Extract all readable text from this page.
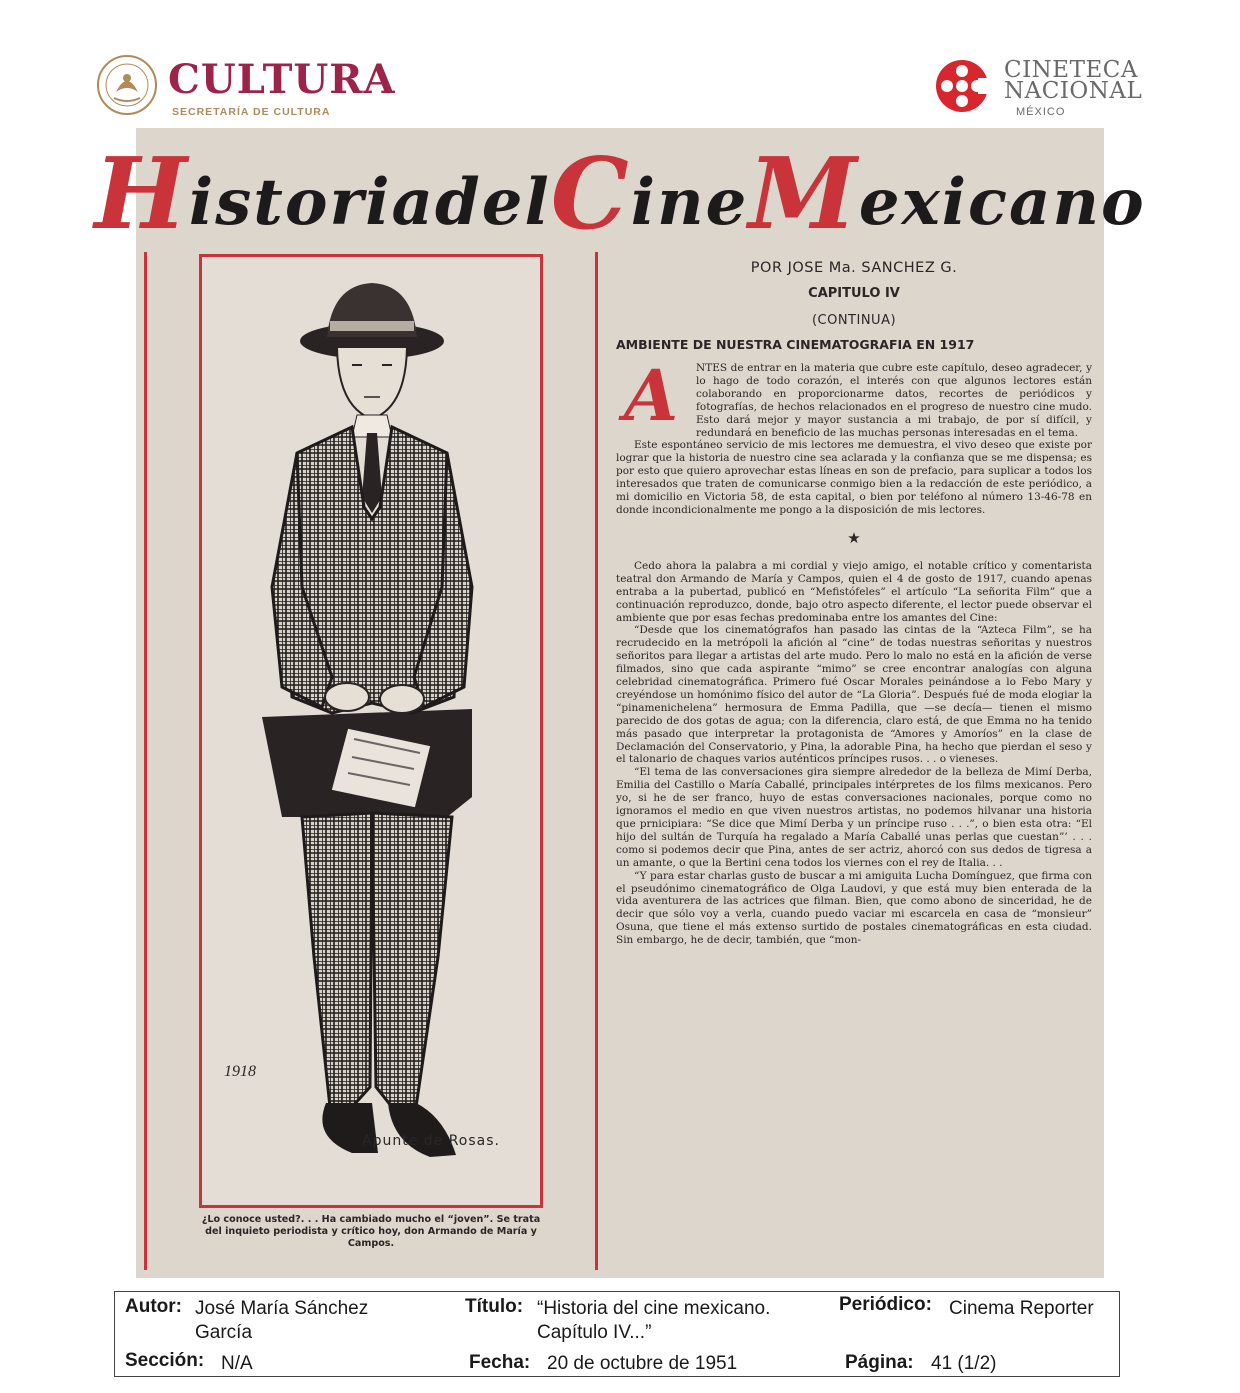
CULTURA
SECRETARÍA DE CULTURA
CINETECA
NACIONAL
MÉXICO
H istoria del C ine M exicano
1918
Apunte de Rosas.
¿Lo conoce usted?. . . Ha cambiado mucho el “joven”. Se trata del inquieto periodista y crítico hoy, don Armando de María y Campos.

POR JOSE Ma. SANCHEZ G.

CAPITULO IV

(CONTINUA)

AMBIENTE DE NUESTRA CINEMATOGRAFIA EN 1917

A	NTES de entrar en la materia que cubre este capítulo, deseo agradecer, y lo hago de todo corazón, el interés con que algunos lectores están colaborando en proporcionarme datos, recortes de periódicos y fotografías, de hechos relacionados en el progreso de nuestro cine mudo. Esto dará mejor y mayor sustancia a mi trabajo, de por sí difícil, y redundará en beneficio de las muchas personas interesadas en el tema.

Este espontáneo servicio de mis lectores me demuestra, el vivo deseo que existe por lograr que la historia de nuestro cine sea aclarada y la confianza que se me dispensa; es por esto que quiero aprovechar estas líneas en son de prefacio, para suplicar a todos los interesados que traten de comunicarse conmigo bien a la redacción de este periódico, a mi domicilio en Victoria 58, de esta capital, o bien por teléfono al número 13-46-78 en donde incondicionalmente me pongo a la disposición de mis lectores.

★

Cedo ahora la palabra a mi cordial y viejo amigo, el notable crítico y comentarista teatral don Armando de María y Campos, quien el 4 de gosto de 1917, cuando apenas entraba a la pubertad, publicó en “Mefistófeles” el artículo “La señorita Film” que a continuación reproduzco, donde, bajo otro aspecto diferente, el lector puede observar el ambiente que por esas fechas predominaba entre los amantes del Cine:

“Desde que los cinematógrafos han pasado las cintas de la “Azteca Film”, se ha recrudecido en la metrópoli la afición al “cine” de todas nuestras señoritas y nuestros señoritos para llegar a artistas del arte mudo. Pero lo malo no está en la afición de verse filmados, sino que cada aspirante “mimo” se cree encontrar analogías con alguna celebridad cinematográfica. Primero fué Oscar Morales peinándose a lo Febo Mary y creyéndose un homónimo físico del autor de “La Gloria”. Después fué de moda elogiar la “pinamenichelena” hermosura de Emma Padilla, que —se decía— tienen el mismo parecido de dos gotas de agua; con la diferencia, claro está, de que Emma no ha tenido más pasado que interpretar la protagonista de “Amores y Amoríos” en la clase de Declamación del Conservatorio, y Pina, la adorable Pina, ha hecho que pierdan el seso y el talonario de chaques varios auténticos príncipes rusos. . . o vieneses.

“El tema de las conversaciones gira siempre alrededor de la belleza de Mimí Derba, Emilia del Castillo o María Caballé, principales intérpretes de los films mexicanos. Pero yo, si he de ser franco, huyo de estas conversaciones nacionales, porque como no ignoramos el medio en que viven nuestros artistas, no podemos hilvanar una historia que prnicipiara: “Se dice que Mimí Derba y un príncipe ruso . . .”, o bien esta otra: “El hijo del sultán de Turquía ha regalado a María Caballé unas perlas que cuestan”’ . . . como si podemos decir que Pina, antes de ser actriz, ahorcó con sus dedos de tigresa a un amante, o que la Bertini cena todos los viernes con el rey de Italia. . .

“Y para estar charlas gusto de buscar a mi amiguita Lucha Domínguez, que firma con el pseudónimo cinematográfico de Olga Laudovi, y que está muy bien enterada de la vida aventurera de las actrices que filman. Bien, que como abono de sinceridad, he de decir que sólo voy a verla, cuando puedo vaciar mi escarcela en casa de “monsieur” Osuna, que tiene el más extenso surtido de postales cinematográficas en esta ciudad. Sin embargo, he de decir, también, que “mon-

Autor: José María Sánchez
García
Título: “Historia del cine mexicano.
Capítulo IV...”
Periódico: Cinema Reporter
Sección: N/A	Fecha: 20 de octubre de 1951	Página: 41 (1/2)
